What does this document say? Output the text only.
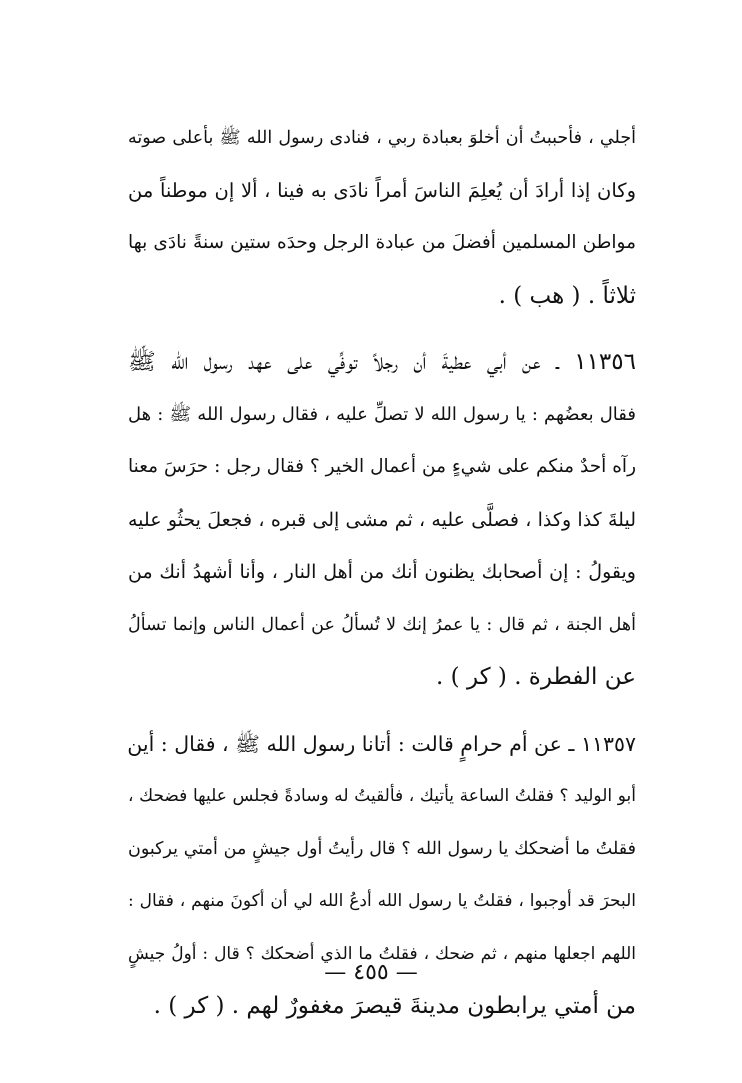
أجلي ، فأحببتُ أن أخلوَ بعبادة ربي ، فنادى رسول الله ﷺ بأعلى صوته
وكان إذا أرادَ أن يُعلِمَ الناسَ أمراً نادَى به فينا ، ألا إن موطناً من
مواطن المسلمين أفضلَ من عبادة الرجل وحدَه ستين سنةً نادَى بها
ثلاثاً . ( هب ) .
١١٣٥٦ ـ عن أبي عطيةَ أن رجلاً توفِّي على عهد رسول الله ﷺ
فقال بعضُهم : يا رسول الله لا تصلِّ عليه ، فقال رسول الله ﷺ : هل
رآه أحدٌ منكم على شيءٍ من أعمال الخير ؟ فقال رجل : حرَسَ معنا
ليلةَ كذا وكذا ، فصلَّى عليه ، ثم مشى إلى قبره ، فجعلَ يحثُو عليه
ويقولُ : إن أصحابك يظنون أنك من أهل النار ، وأنا أشهدُ أنك من
أهل الجنة ، ثم قال : يا عمرُ إنك لا تُسألُ عن أعمال الناس وإنما تسألُ
عن الفطرة . ( كر ) .
١١٣٥٧ ـ عن أم حرامٍ قالت : أتانا رسول الله ﷺ ، فقال : أين
أبو الوليد ؟ فقلتُ الساعة يأتيك ، فألقيتُ له وسادةً فجلس عليها فضحك ،
فقلتُ ما أضحكك يا رسول الله ؟ قال رأيتُ أول جيشٍ من أمتي يركبون
البحرَ قد أوجبوا ، فقلتُ يا رسول الله أدعُ الله لي أن أكونَ منهم ، فقال :
اللهم اجعلها منهم ، ثم ضحك ، فقلتُ ما الذي أضحكك ؟ قال : أولُ جيشٍ
من أمتي يرابطون مدينةَ قيصرَ مغفورٌ لهم . ( كر ) .
— ٤٥٥ —
